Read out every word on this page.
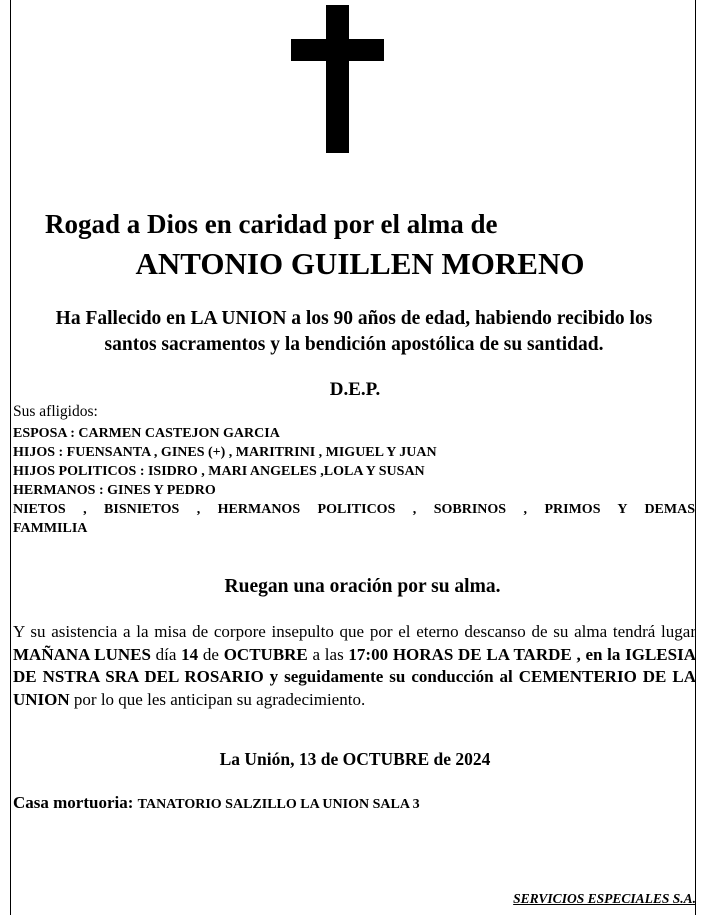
Rogad a Dios en caridad por el alma de
ANTONIO GUILLEN MORENO
Ha Fallecido en LA UNION a los 90 años de edad, habiendo recibido los
santos sacramentos y la bendición apostólica de su santidad.
D.E.P.
Sus afligidos:
ESPOSA : CARMEN CASTEJON GARCIA
HIJOS : FUENSANTA , GINES (+) , MARITRINI , MIGUEL Y JUAN
HIJOS POLITICOS : ISIDRO , MARI ANGELES ,LOLA Y SUSAN
HERMANOS : GINES Y PEDRO
NIETOS , BISNIETOS , HERMANOS POLITICOS , SOBRINOS , PRIMOS Y DEMAS
FAMMILIA
Ruegan una oración por su alma.
Y su asistencia a la misa de corpore insepulto que por el eterno descanso de su alma tendrá lugar MAÑANA LUNES día 14 de OCTUBRE a las 17:00 HORAS DE LA TARDE , en la IGLESIA DE NSTRA SRA DEL ROSARIO y seguidamente su conducción al CEMENTERIO DE LA UNION por lo que les anticipan su agradecimiento.
La Unión, 13 de OCTUBRE de 2024
Casa mortuoria: TANATORIO SALZILLO LA UNION SALA 3
SERVICIOS ESPECIALES S.A.
